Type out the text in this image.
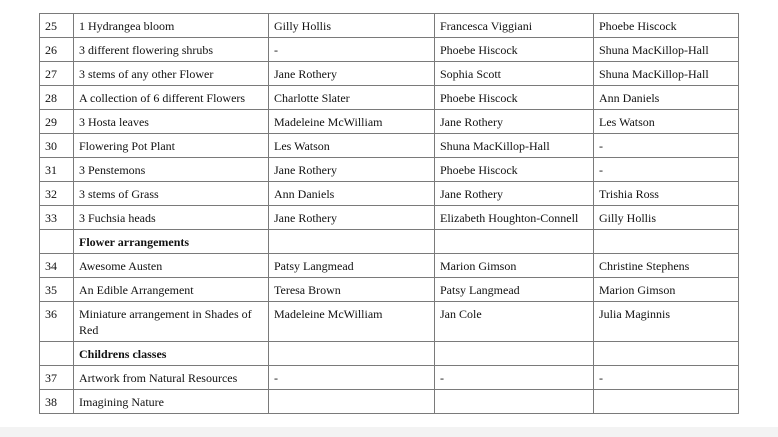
25	1 Hydrangea bloom	Gilly Hollis	Francesca Viggiani	Phoebe Hiscock
26	3 different flowering shrubs	-	Phoebe Hiscock	Shuna MacKillop-Hall
27	3 stems of any other Flower	Jane Rothery	Sophia Scott	Shuna MacKillop-Hall
28	A collection of 6 different Flowers	Charlotte Slater	Phoebe Hiscock	Ann Daniels
29	3 Hosta leaves	Madeleine McWilliam	Jane Rothery	Les Watson
30	Flowering Pot Plant	Les Watson	Shuna MacKillop-Hall	-
31	3 Penstemons	Jane Rothery	Phoebe Hiscock	-
32	3 stems of Grass	Ann Daniels	Jane Rothery	Trishia Ross
33	3 Fuchsia heads	Jane Rothery	Elizabeth Houghton-Connell	Gilly Hollis
	Flower arrangements			
34	Awesome Austen	Patsy Langmead	Marion Gimson	Christine Stephens
35	An Edible Arrangement	Teresa Brown	Patsy Langmead	Marion Gimson
36	Miniature arrangement in Shades of Red	Madeleine McWilliam	Jan Cole	Julia Maginnis
	Childrens classes			
37	Artwork from Natural Resources	-	-	-
38	Imagining Nature			
